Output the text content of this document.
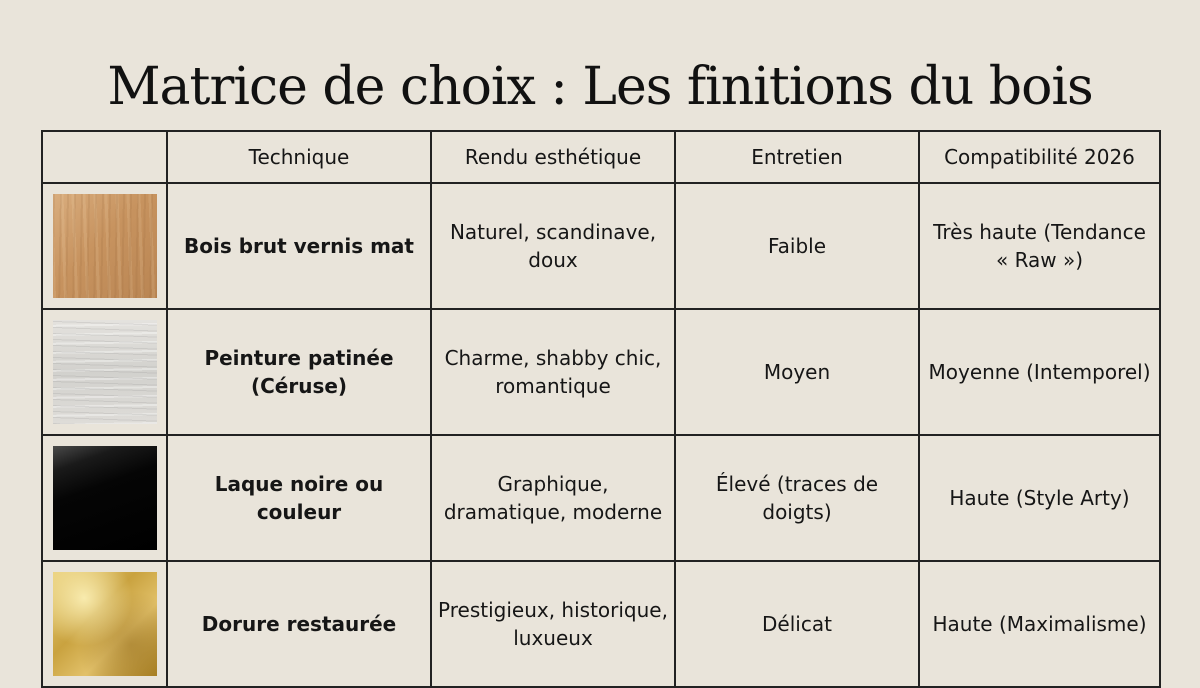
Matrice de choix : Les finitions du bois
	Technique	Rendu esthétique	Entretien	Compatibilité 2026

	Bois brut vernis mat	Naturel, scandinave, doux	Faible	Très haute (Tendance « Raw »)

	Peinture patinée (Céruse)	Charme, shabby chic, romantique	Moyen	Moyenne (Intemporel)

	Laque noire ou couleur	Graphique, dramatique, moderne	Élevé (traces de doigts)	Haute (Style Arty)

	Dorure restaurée	Prestigieux, historique, luxueux	Délicat	Haute (Maximalisme)
